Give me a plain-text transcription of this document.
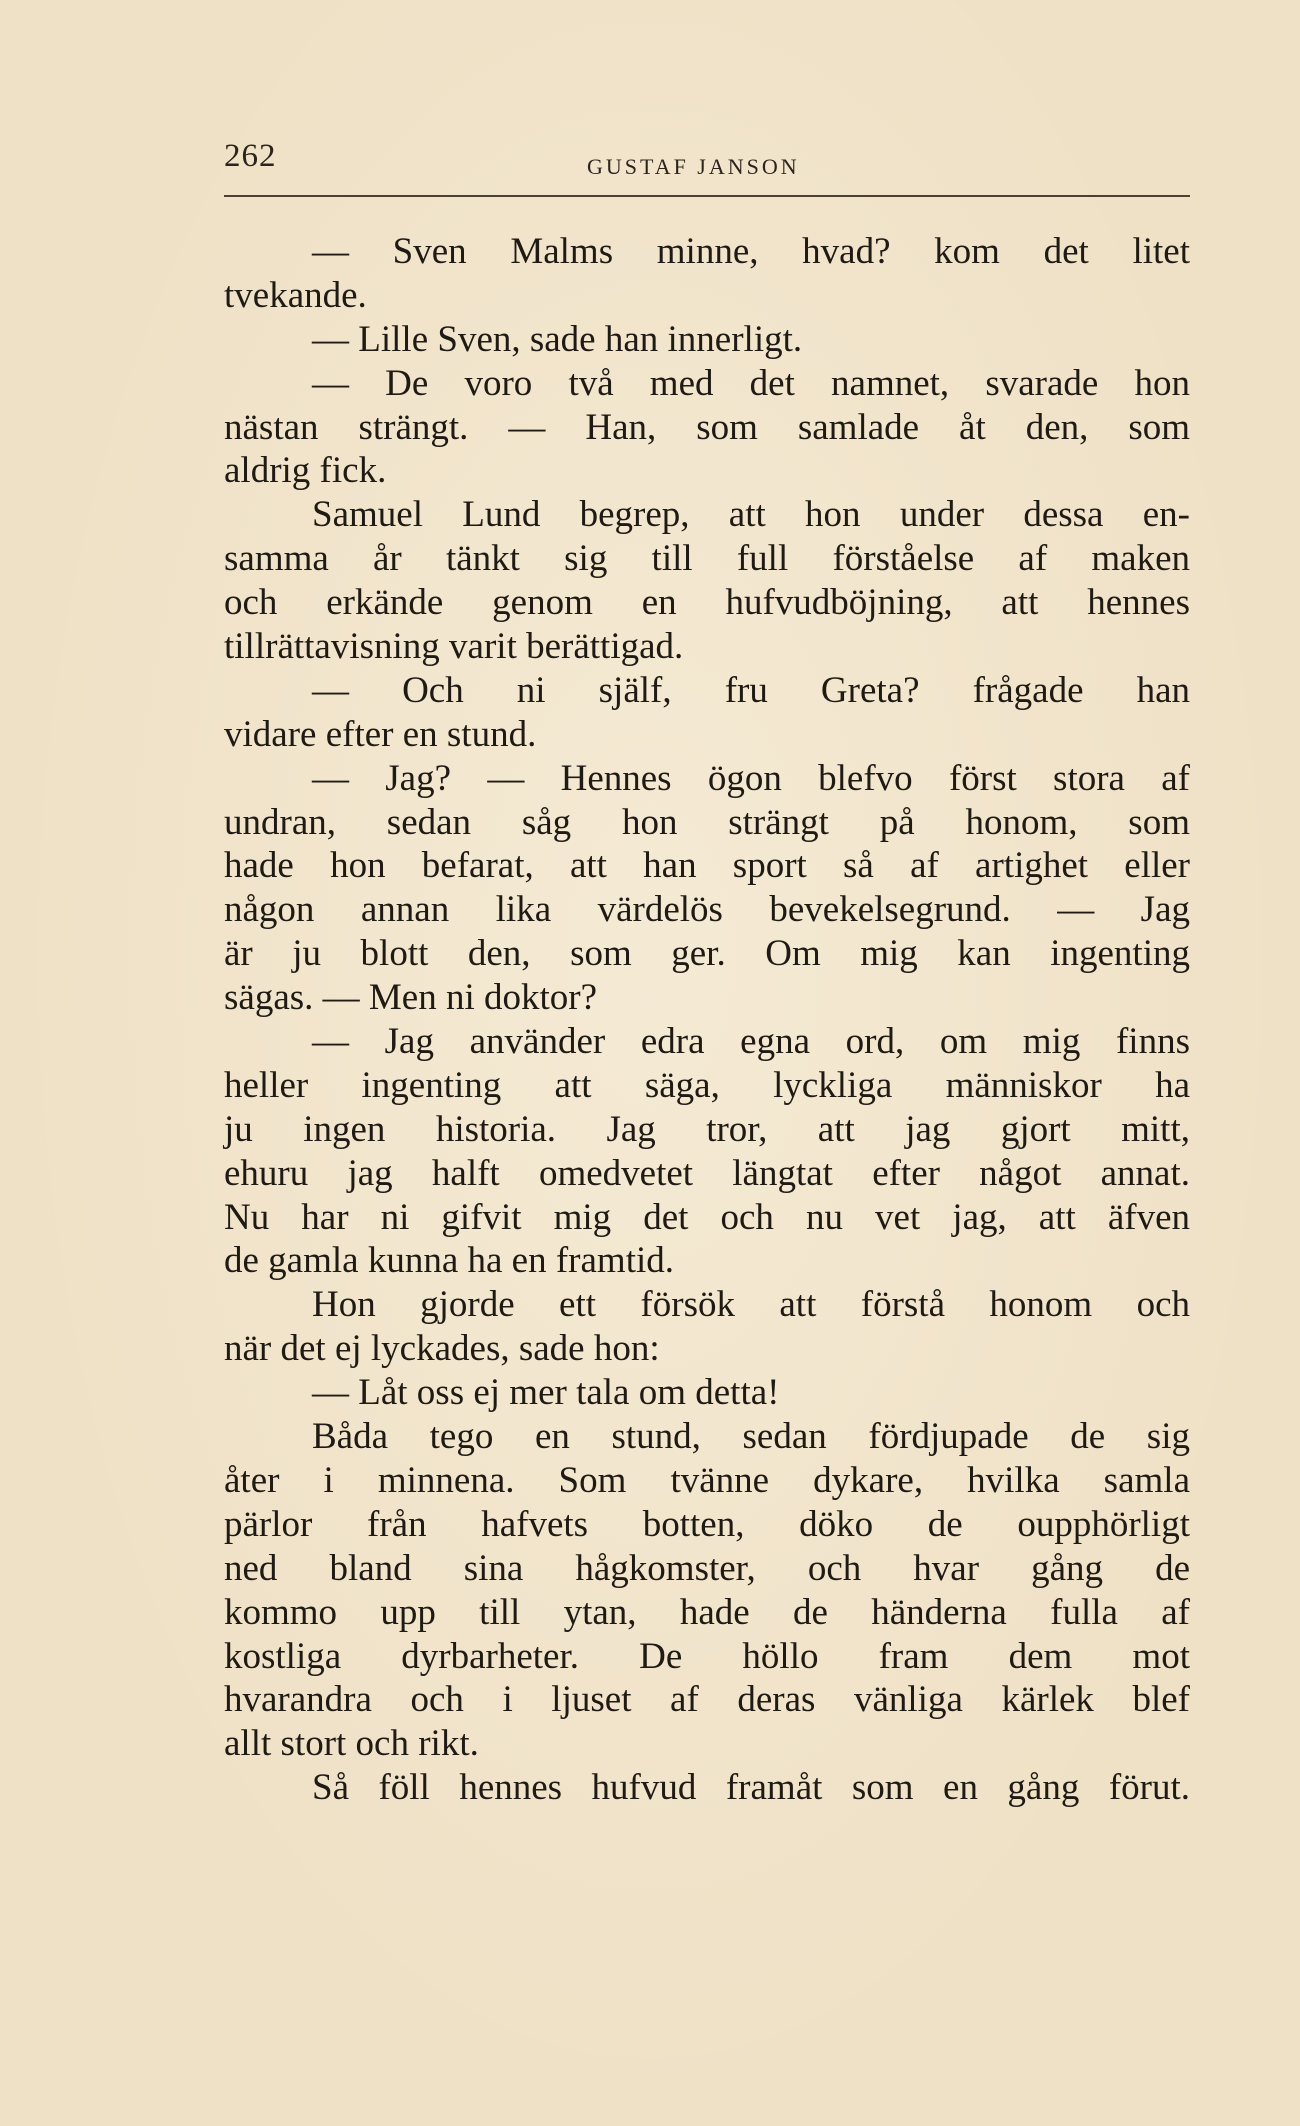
262	GUSTAF JANSON
— Sven Malms minne, hvad? kom det litet
tvekande.
— Lille Sven, sade han innerligt.
— De voro två med det namnet, svarade hon
nästan strängt. — Han, som samlade åt den, som
aldrig fick.
Samuel Lund begrep, att hon under dessa en-
samma år tänkt sig till full förståelse af maken
och erkände genom en hufvudböjning, att hennes
tillrättavisning varit berättigad.
— Och ni själf, fru Greta? frågade han
vidare efter en stund.
— Jag? — Hennes ögon blefvo först stora af
undran, sedan såg hon strängt på honom, som
hade hon befarat, att han sport så af artighet eller
någon annan lika värdelös bevekelsegrund. — Jag
är ju blott den, som ger. Om mig kan ingenting
sägas. — Men ni doktor?
— Jag använder edra egna ord, om mig finns
heller ingenting att säga, lyckliga människor ha
ju ingen historia. Jag tror, att jag gjort mitt,
ehuru jag halft omedvetet längtat efter något annat.
Nu har ni gifvit mig det och nu vet jag, att äfven
de gamla kunna ha en framtid.
Hon gjorde ett försök att förstå honom och
när det ej lyckades, sade hon:
— Låt oss ej mer tala om detta!
Båda tego en stund, sedan fördjupade de sig
åter i minnena. Som tvänne dykare, hvilka samla
pärlor från hafvets botten, döko de oupphörligt
ned bland sina hågkomster, och hvar gång de
kommo upp till ytan, hade de händerna fulla af
kostliga dyrbarheter. De höllo fram dem mot
hvarandra och i ljuset af deras vänliga kärlek blef
allt stort och rikt.
Så föll hennes hufvud framåt som en gång förut.
